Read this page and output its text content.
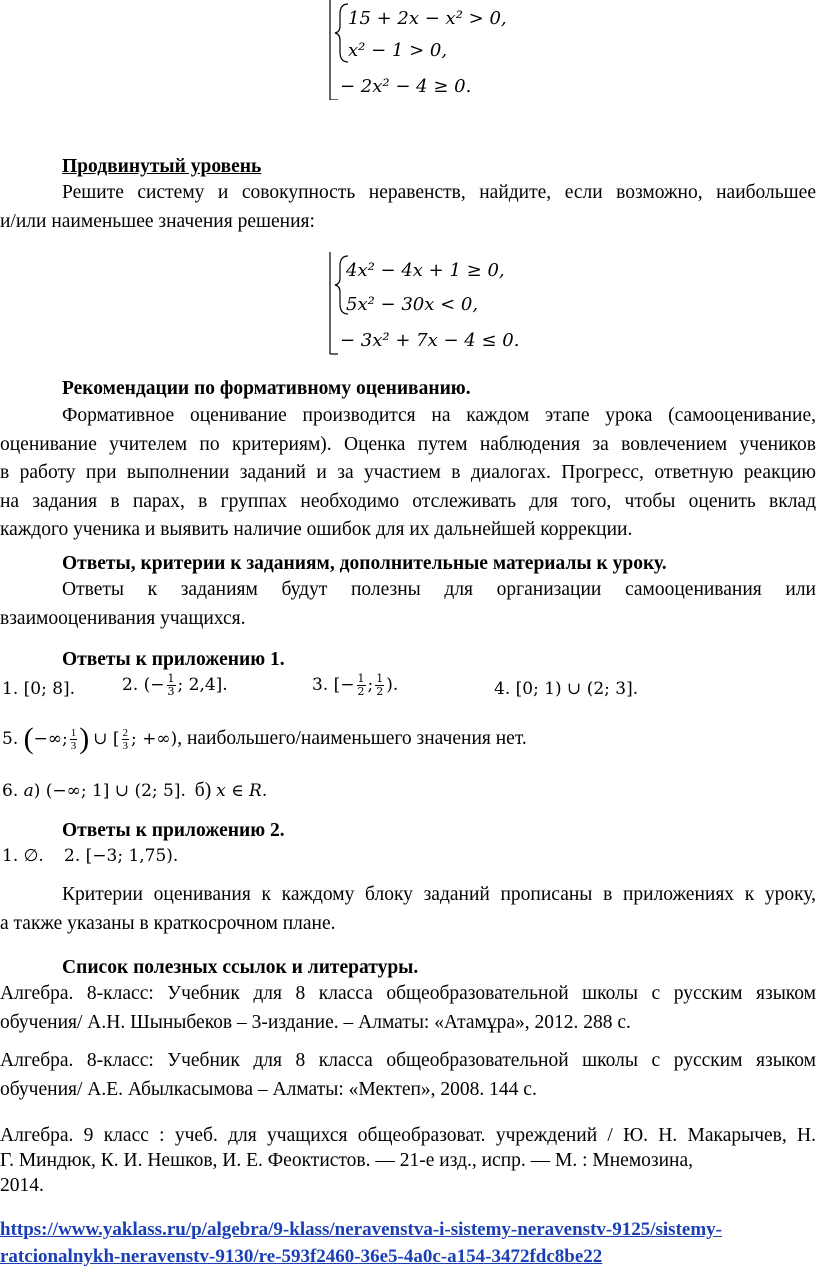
15 + 2x − x² > 0,
x² − 1 > 0,
− 2x² − 4 ≥ 0.
Продвинутый уровень
Решите систему и совокупность неравенств, найдите, если возможно, наибольшее
и/или наименьшее значения решения:
4x² − 4x + 1 ≥ 0,
5x² − 30x < 0,
− 3x² + 7x − 4 ≤ 0.
Рекомендации по формативному оцениванию.
Формативное оценивание производится на каждом этапе урока (самооценивание,
оценивание учителем по критериям). Оценка путем наблюдения за вовлечением учеников
в работу при выполнении заданий и за участием в диалогах. Прогресс, ответную реакцию
на задания в парах, в группах необходимо отслеживать для того, чтобы оценить вклад
каждого ученика и выявить наличие ошибок для их дальнейшей коррекции.
Ответы, критерии к заданиям, дополнительные материалы к уроку.
Ответы к заданиям будут полезны для организации самооценивания или
взаимооценивания учащихся.
Ответы к приложению 1.
1. [0; 8].	2. (− $\frac{1}{3}$ ; 2,4].	3. [− $\frac{1}{2}$ ; $\frac{1}{2}$ ).	4. [0; 1) ∪ (2; 3].
5. (−∞; $\frac{1}{3}$ ) ∪ [ $\frac{2}{3}$ ; +∞), наибольшего/наименьшего значения нет.
6. 𝑎) (−∞; 1] ∪ (2; 5]. б) 𝑥 ∈ 𝑅.
Ответы к приложению 2.
1. ∅. 2. [−3; 1,75).
Критерии оценивания к каждому блоку заданий прописаны в приложениях к уроку,
а также указаны в краткосрочном плане.
Список полезных ссылок и литературы.
Алгебра. 8-класс: Учебник для 8 класса общеобразовательной школы с русским языком
обучения/ А.Н. Шыныбеков – 3-издание. – Алматы: «Атамұра», 2012. 288 с.
Алгебра. 8-класс: Учебник для 8 класса общеобразовательной школы с русским языком
обучения/ А.Е. Абылкасымова – Алматы: «Мектеп», 2008. 144 с.
Алгебра. 9 класс : учеб. для учащихся общеобразоват. учреждений / Ю. Н. Макарычев, Н.
Г. Миндюк, К. И. Нешков, И. Е. Феоктистов. — 21-е изд., испр. — М. : Мнемозина,
2014.
https://www.yaklass.ru/p/algebra/9-klass/neravenstva-i-sistemy-neravenstv-9125/sistemy-
ratcionalnykh-neravenstv-9130/re-593f2460-36e5-4a0c-a154-3472fdc8be22
